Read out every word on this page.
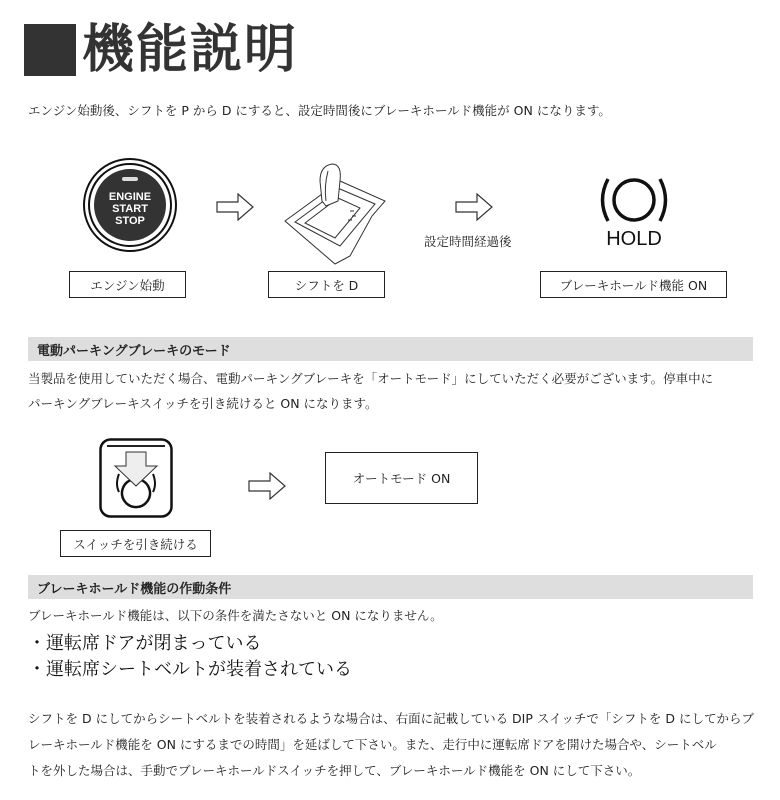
機能説明
エンジン始動後、シフトを P から D にすると、設定時間後にブレーキホールド機能が ON になります。
ENGINE
START
STOP
設定時間経過後	HOLD
エンジン始動	シフトを D	ブレーキホールド機能 ON
電動パーキングブレーキのモード
当製品を使用していただく場合、電動パーキングブレーキを「オートモード」にしていただく必要がございます。停車中に
パーキングブレーキスイッチを引き続けると ON になります。
オートモード ON
スイッチを引き続ける
ブレーキホールド機能の作動条件
ブレーキホールド機能は、以下の条件を満たさないと ON になりません。
・運転席ドアが閉まっている
・運転席シートベルトが装着されている
シフトを D にしてからシートベルトを装着されるような場合は、右面に記載している DIP スイッチで「シフトを D にしてからブ
レーキホールド機能を ON にするまでの時間」を延ばして下さい。また、走行中に運転席ドアを開けた場合や、シートベル
トを外した場合は、手動でブレーキホールドスイッチを押して、ブレーキホールド機能を ON にして下さい。
